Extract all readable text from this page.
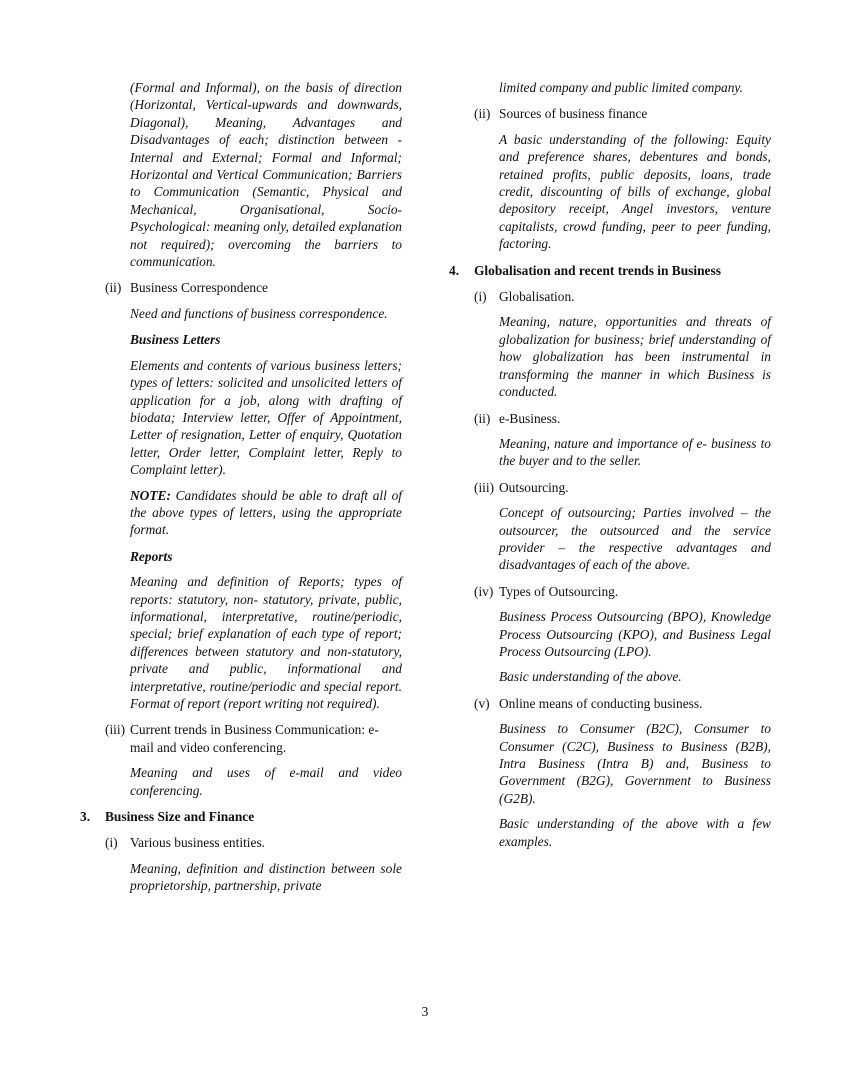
(Formal and Informal), on the basis of direction (Horizontal, Vertical-upwards and downwards, Diagonal), Meaning, Advantages and Disadvantages of each; distinction between - Internal and External; Formal and Informal; Horizontal and Vertical Communication; Barriers to Communication (Semantic, Physical and Mechanical, Organisational, Socio-Psychological: meaning only, detailed explanation not required); overcoming the barriers to communication.

(ii) Business Correspondence

Need and functions of business correspondence.

Business Letters

Elements and contents of various business letters; types of letters: solicited and unsolicited letters of application for a job, along with drafting of biodata; Interview letter, Offer of Appointment, Letter of resignation, Letter of enquiry, Quotation letter, Order letter, Complaint letter, Reply to Complaint letter).

NOTE: Candidates should be able to draft all of the above types of letters, using the appropriate format.

Reports

Meaning and definition of Reports; types of reports: statutory, non- statutory, private, public, informational, interpretative, routine/periodic, special; brief explanation of each type of report; differences between statutory and non-statutory, private and public, informational and interpretative, routine/periodic and special report. Format of report (report writing not required).

(iii) Current trends in Business Communication: e-mail and video conferencing.

Meaning and uses of e-mail and video conferencing.

3.	Business Size and Finance
(i) Various business entities.

Meaning, definition and distinction between sole proprietorship, partnership, private

limited company and public limited company.

(ii) Sources of business finance

A basic understanding of the following: Equity and preference shares, debentures and bonds, retained profits, public deposits, loans, trade credit, discounting of bills of exchange, global depository receipt, Angel investors, venture capitalists, crowd funding, peer to peer funding, factoring.

4.	Globalisation and recent trends in Business
(i) Globalisation.

Meaning, nature, opportunities and threats of globalization for business; brief understanding of how globalization has been instrumental in transforming the manner in which Business is conducted.

(ii) e-Business.

Meaning, nature and importance of e- business to the buyer and to the seller.

(iii) Outsourcing.

Concept of outsourcing; Parties involved – the outsourcer, the outsourced and the service provider – the respective advantages and disadvantages of each of the above.

(iv) Types of Outsourcing.

Business Process Outsourcing (BPO), Knowledge Process Outsourcing (KPO), and Business Legal Process Outsourcing (LPO).

Basic understanding of the above.

(v) Online means of conducting business.

Business to Consumer (B2C), Consumer to Consumer (C2C), Business to Business (B2B), Intra Business (Intra B) and, Business to Government (B2G), Government to Business (G2B).

Basic understanding of the above with a few examples.

3
